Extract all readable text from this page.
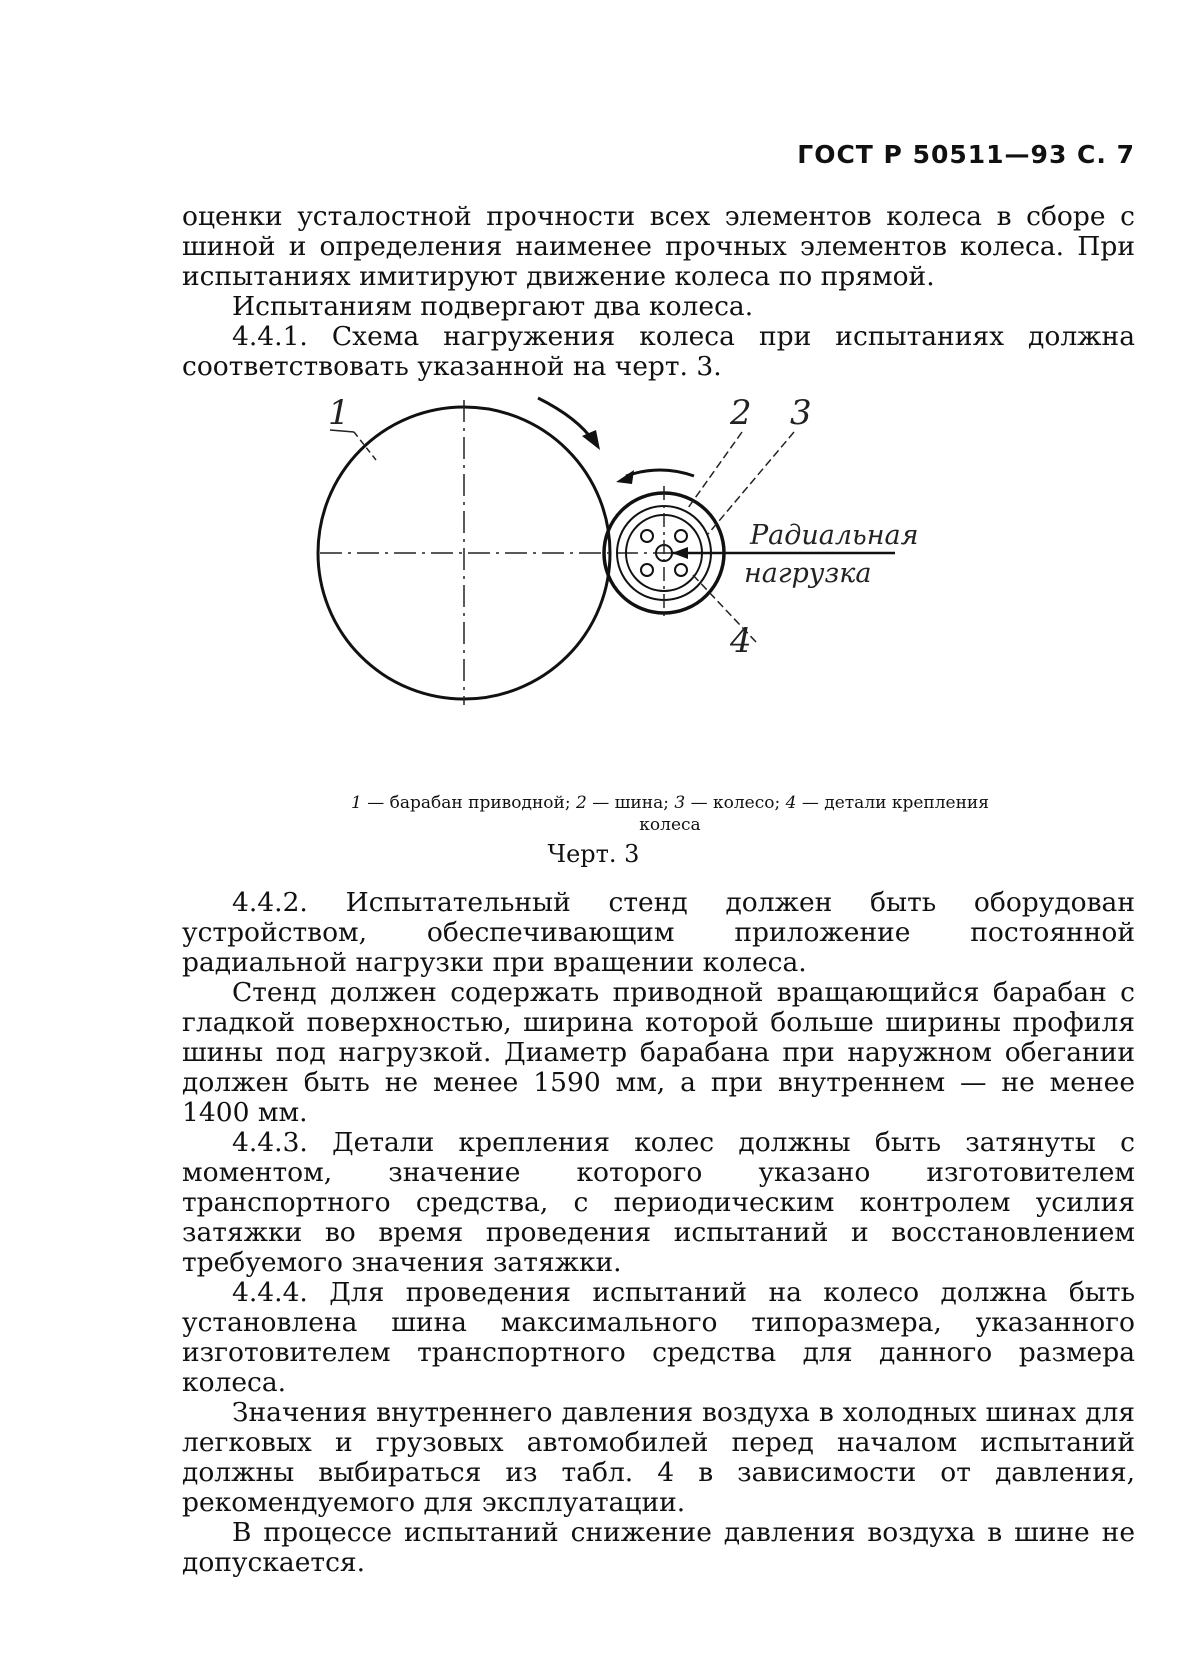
ГОСТ Р 50511—93 С. 7

оценки усталостной прочности всех элементов колеса в сборе с шиной и определения наименее прочных элементов колеса. При испытаниях имитируют движение колеса по прямой.

Испытаниям подвергают два колеса.

4.4.1. Схема нагружения колеса при испытаниях должна соответствовать указанной на черт. 3.

1	2 3
4
Радиальная
нагрузка
1 — барабан приводной; 2 — шина; 3 — колесо; 4 — детали крепления колеса
Черт. 3

4.4.2. Испытательный стенд должен быть оборудован устройством, обеспечивающим приложение постоянной радиальной нагрузки при вращении колеса.

Стенд должен содержать приводной вращающийся барабан с гладкой поверхностью, ширина которой больше ширины профиля шины под нагрузкой. Диаметр барабана при наружном обегании должен быть не менее 1590 мм, а при внутреннем — не менее 1400 мм.

4.4.3. Детали крепления колес должны быть затянуты с моментом, значение которого указано изготовителем транспортного средства, с периодическим контролем усилия затяжки во время проведения испытаний и восстановлением требуемого значения затяжки.

4.4.4. Для проведения испытаний на колесо должна быть установлена шина максимального типоразмера, указанного изготовителем транспортного средства для данного размера колеса.

Значения внутреннего давления воздуха в холодных шинах для легковых и грузовых автомобилей перед началом испытаний должны выбираться из табл. 4 в зависимости от давления, рекомендуемого для эксплуатации.

В процессе испытаний снижение давления воздуха в шине не допускается.
